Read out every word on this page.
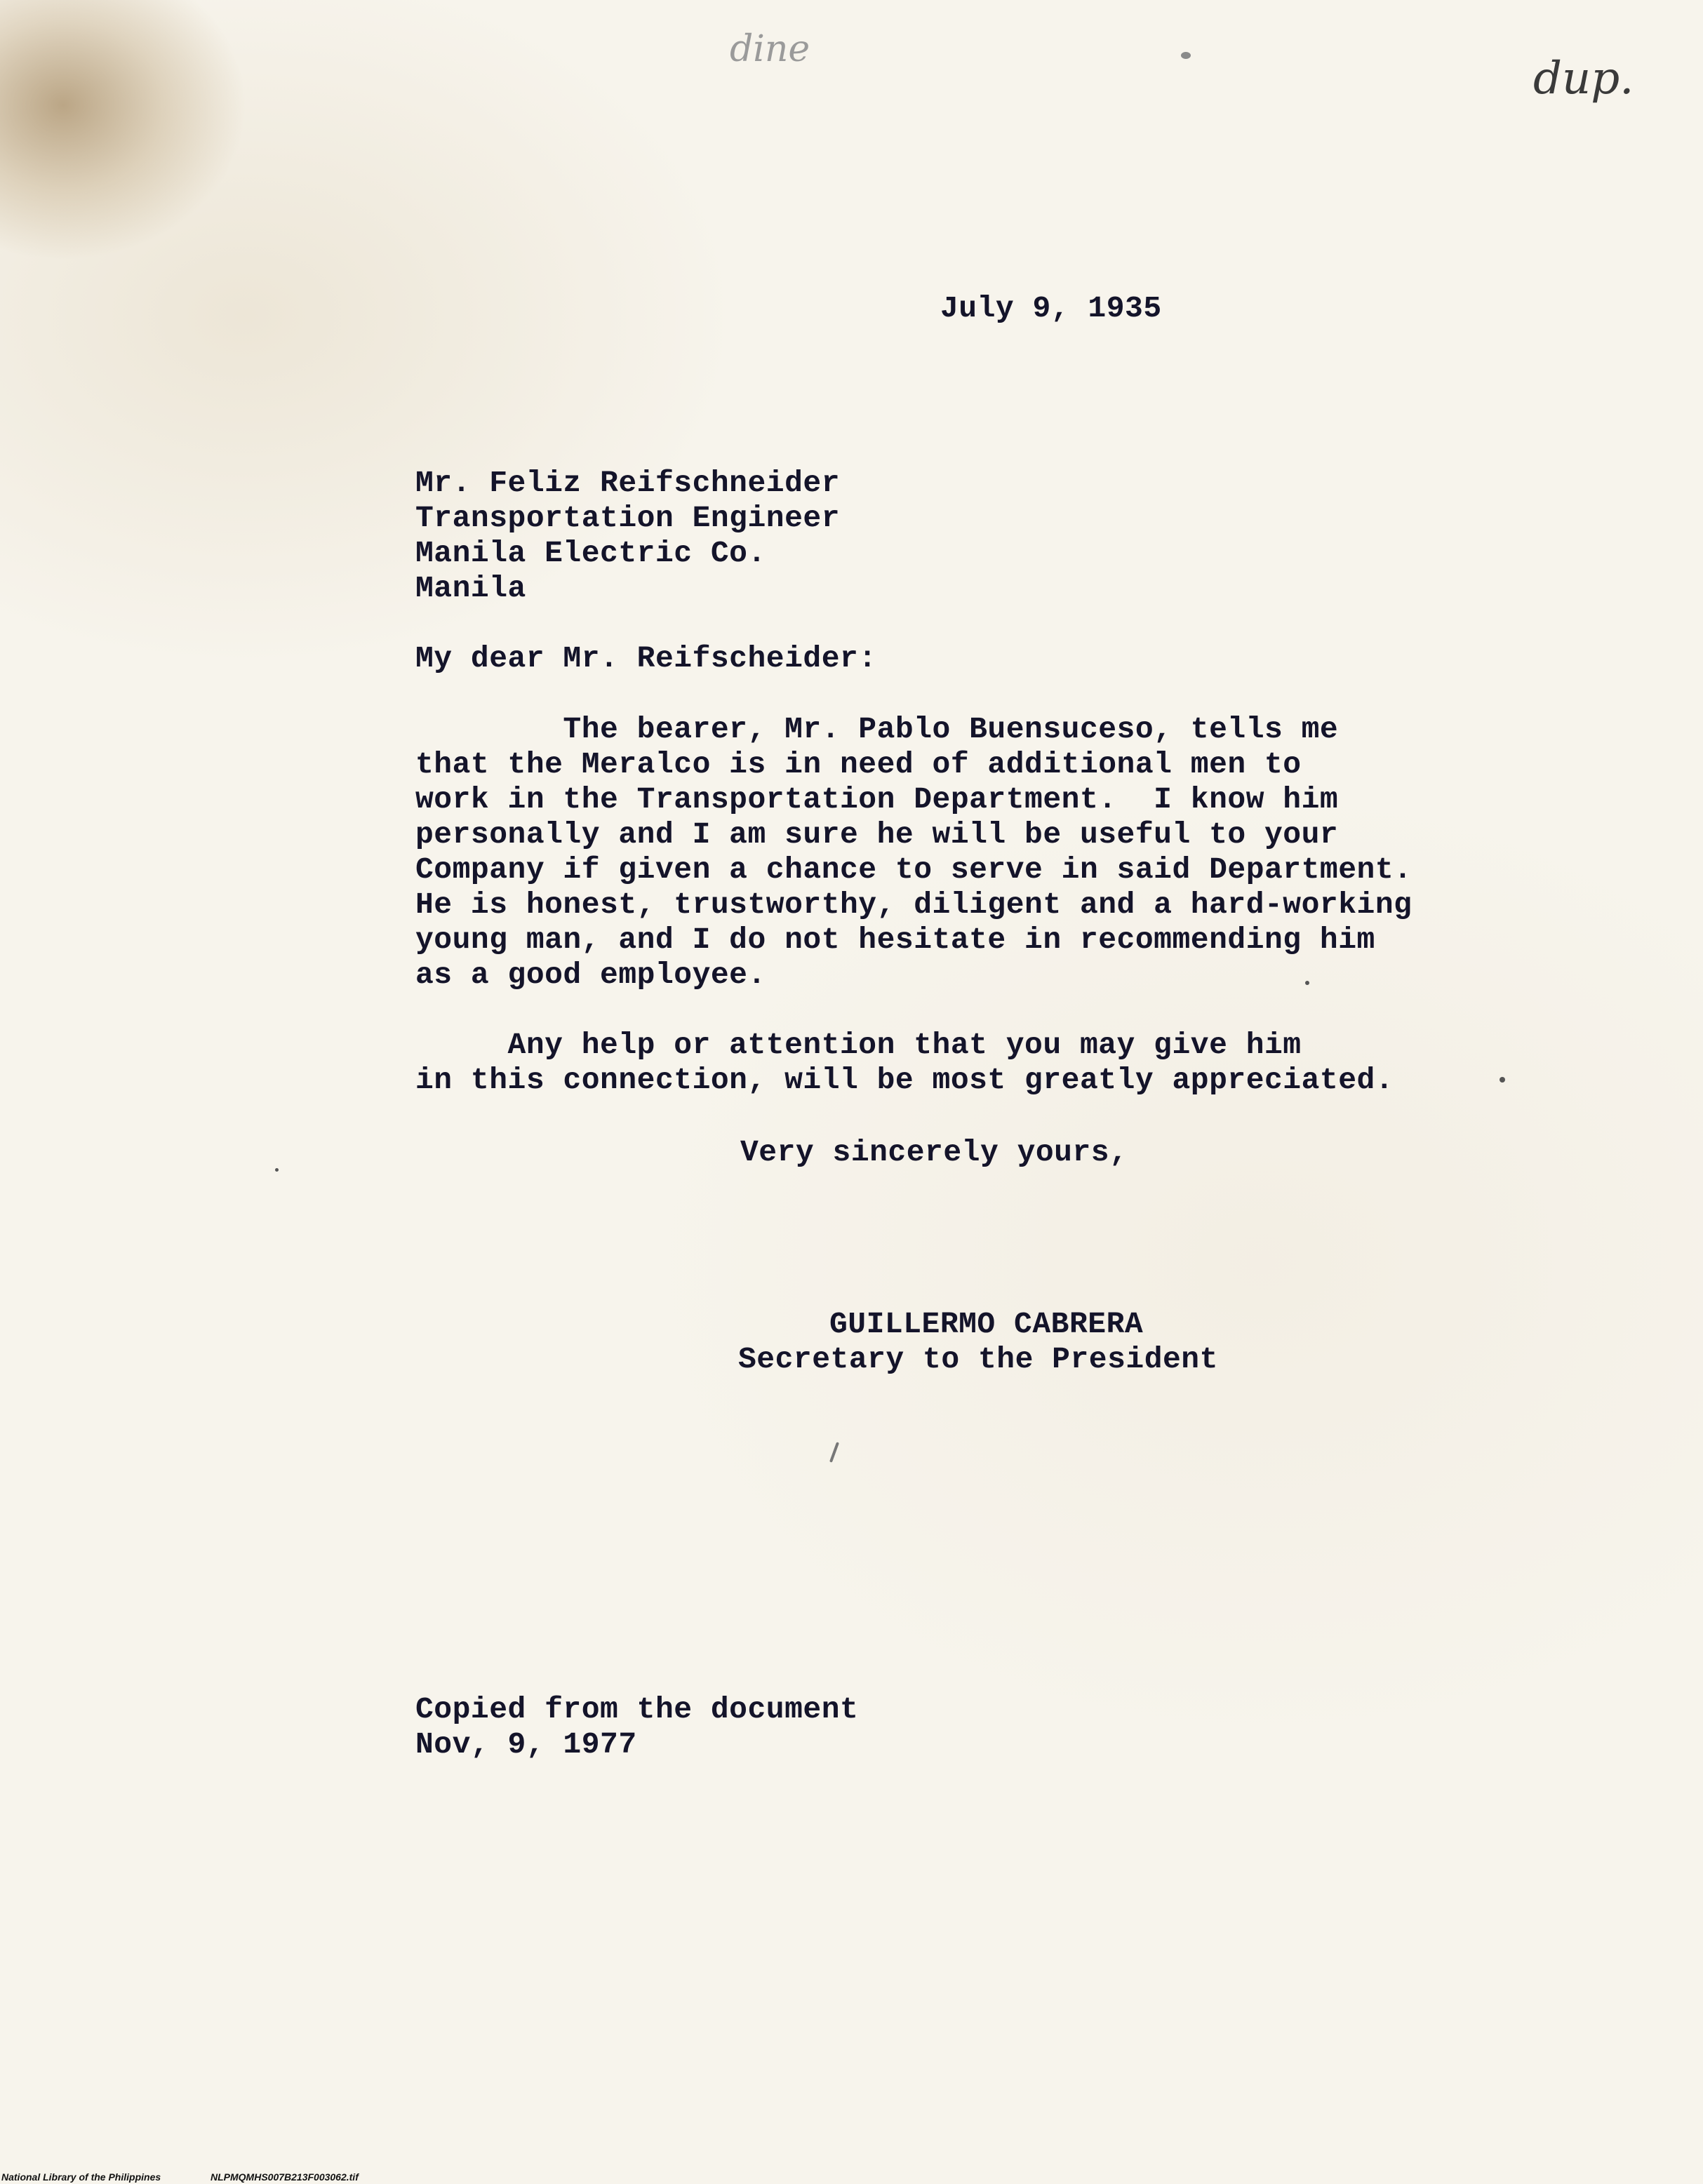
dine
dup.
July 9, 1935
Mr. Feliz Reifschneider
Transportation Engineer
Manila Electric Co.
Manila
My dear Mr. Reifscheider:
The bearer, Mr. Pablo Buensuceso, tells me
that the Meralco is in need of additional men to
work in the Transportation Department.  I know him
personally and I am sure he will be useful to your
Company if given a chance to serve in said Department.
He is honest, trustworthy, diligent and a hard-working
young man, and I do not hesitate in recommending him
as a good employee.
Any help or attention that you may give him
in this connection, will be most greatly appreciated.
Very sincerely yours,
GUILLERMO CABRERA
Secretary to the President
Copied from the document
Nov, 9, 1977
National Library of the Philippines	NLPMQMHS007B213F003062.tif
